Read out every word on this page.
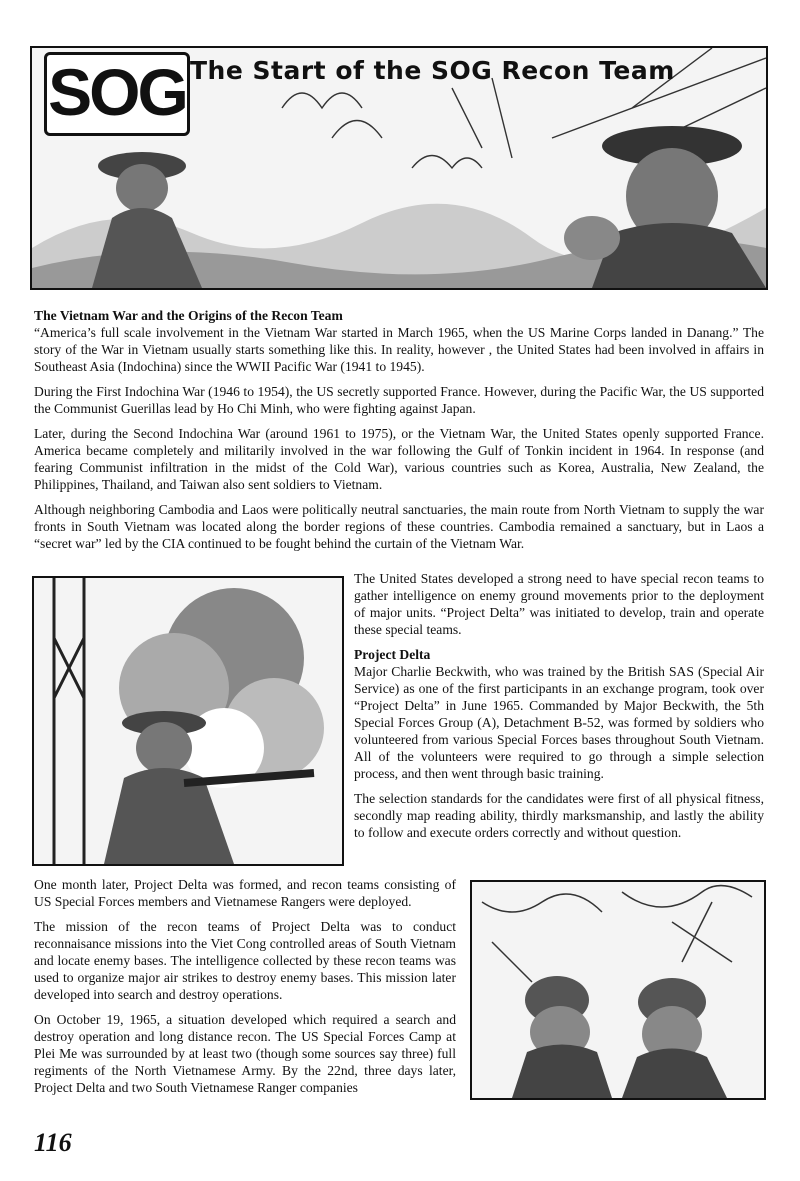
SOG The Start of the SOG Recon Team
The Vietnam War and the Origins of the Recon Team

“America’s full scale involvement in the Vietnam War started in March 1965, when the US Marine Corps landed in Danang.” The story of the War in Vietnam usually starts something like this. In reality, however , the United States had been involved in affairs in Southeast Asia (Indochina) since the WWII Pacific War (1941 to 1945).

During the First Indochina War (1946 to 1954), the US secretly supported France. However, during the Pacific War, the US supported the Communist Guerillas lead by Ho Chi Minh, who were fighting against Japan.

Later, during the Second Indochina War (around 1961 to 1975), or the Vietnam War, the United States openly supported France. America became completely and militarily involved in the war following the Gulf of Tonkin incident in 1964. In response (and fearing Communist infiltration in the midst of the Cold War), various countries such as Korea, Australia, New Zealand, the Philippines, Thailand, and Taiwan also sent soldiers to Vietnam.

Although neighboring Cambodia and Laos were politically neutral sanctuaries, the main route from North Vietnam to supply the war fronts in South Vietnam was located along the border regions of these countries. Cambodia remained a sanctuary, but in Laos a “secret war” led by the CIA continued to be fought behind the curtain of the Vietnam War.

The United States developed a strong need to have special recon teams to gather intelligence on enemy ground movements prior to the deployment of major units. “Project Delta” was initiated to develop, train and operate these special teams.

Project Delta

Major Charlie Beckwith, who was trained by the British SAS (Special Air Service) as one of the first participants in an exchange program, took over “Project Delta” in June 1965. Commanded by Major Beckwith, the 5th Special Forces Group (A), Detachment B-52, was formed by soldiers who volunteered from various Special Forces bases throughout South Vietnam. All of the volunteers were required to go through a simple selection process, and then went through basic training.

The selection standards for the candidates were first of all physical fitness, secondly map reading ability, thirdly marksmanship, and lastly the ability to follow and execute orders correctly and without question.

One month later, Project Delta was formed, and recon teams consisting of US Special Forces members and Vietnamese Rangers were deployed.

The mission of the recon teams of Project Delta was to conduct reconnaisance missions into the Viet Cong controlled areas of South Vietnam and locate enemy bases. The intelligence collected by these recon teams was used to organize major air strikes to destroy enemy bases. This mission later developed into search and destroy operations.

On October 19, 1965, a situation developed which required a search and destroy operation and long distance recon. The US Special Forces Camp at Plei Me was surrounded by at least two (though some sources say three) full regiments of the North Vietnamese Army. By the 22nd, three days later, Project Delta and two South Vietnamese Ranger companies

116
